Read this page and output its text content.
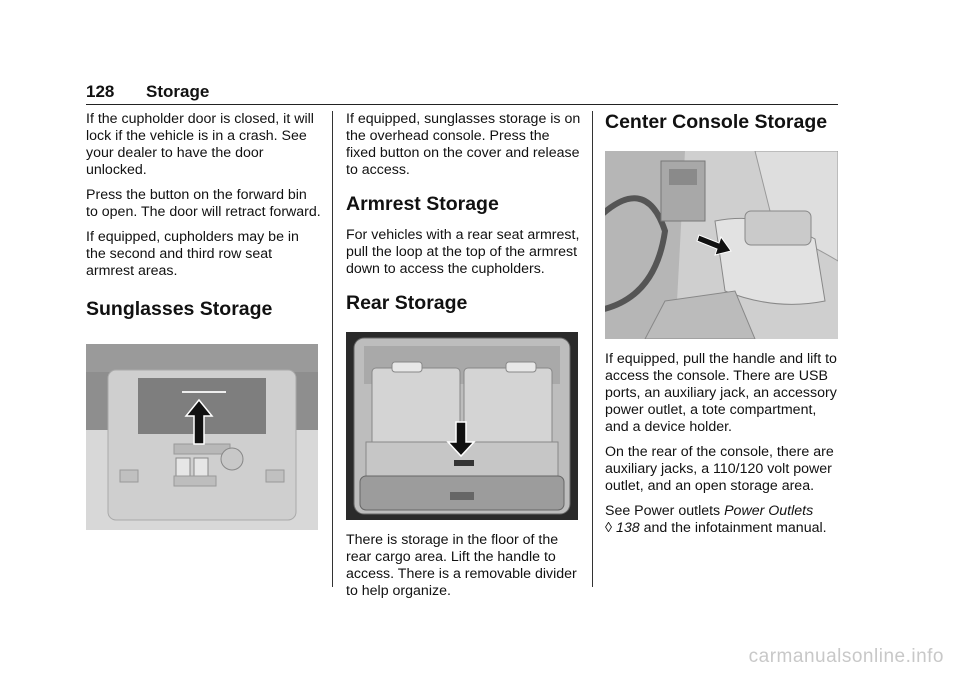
128 Storage

If the cupholder door is closed, it will lock if the vehicle is in a crash. See your dealer to have the door unlocked.

Press the button on the forward bin to open. The door will retract forward.

If equipped, cupholders may be in the second and third row seat armrest areas.

Sunglasses Storage

If equipped, sunglasses storage is on the overhead console. Press the fixed button on the cover and release to access.

Armrest Storage

For vehicles with a rear seat armrest, pull the loop at the top of the armrest down to access the cupholders.

Rear Storage

There is storage in the floor of the rear cargo area. Lift the handle to access. There is a removable divider to help organize.

Center Console Storage

If equipped, pull the handle and lift to access the console. There are USB ports, an auxiliary jack, an accessory power outlet, a tote compartment, and a device holder.

On the rear of the console, there are auxiliary jacks, a 110/120 volt power outlet, and an open storage area.

See Power outlets Power Outlets
◊ 138 and the infotainment manual.

carmanualsonline.info
